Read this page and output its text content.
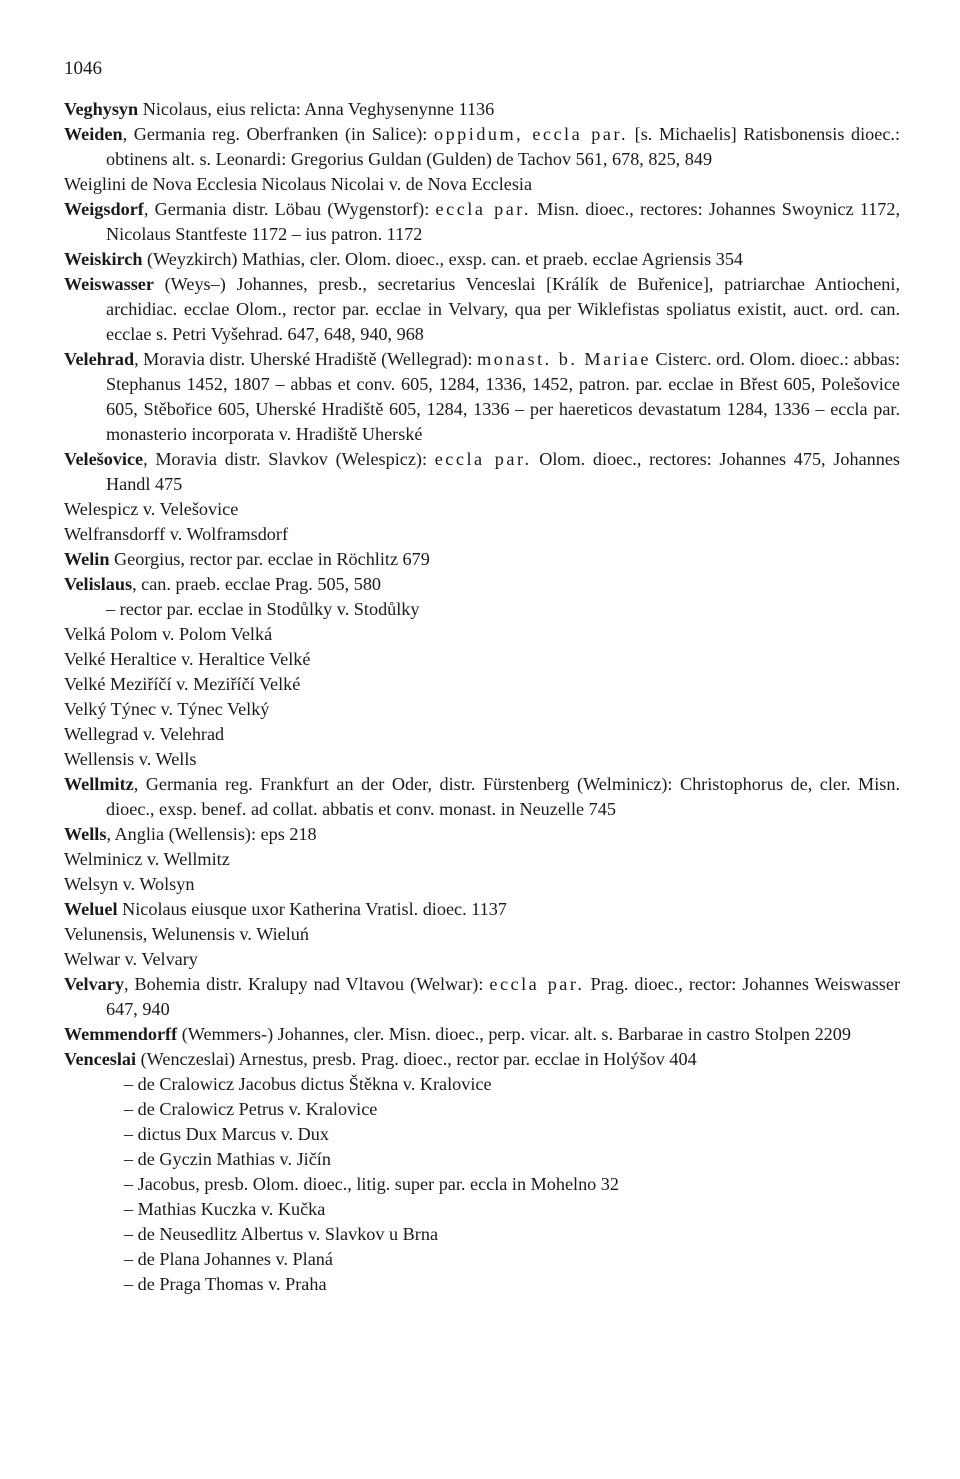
1046
Veghysyn Nicolaus, eius relicta: Anna Veghysenynne 1136
Weiden, Germania reg. Oberfranken (in Salice): oppidum, eccla par. [s. Michaelis] Ratisbonensis dioec.: obtinens alt. s. Leonardi: Gregorius Guldan (Gulden) de Tachov 561, 678, 825, 849
Weiglini de Nova Ecclesia Nicolaus Nicolai v. de Nova Ecclesia
Weigsdorf, Germania distr. Löbau (Wygenstorf): eccla par. Misn. dioec., rectores: Johannes Swoynicz 1172, Nicolaus Stantfeste 1172 – ius patron. 1172
Weiskirch (Weyzkirch) Mathias, cler. Olom. dioec., exsp. can. et praeb. ecclae Agriensis 354
Weiswasser (Weys–) Johannes, presb., secretarius Venceslai [Králík de Buřenice], patriarchae Antiocheni, archidiac. ecclae Olom., rector par. ecclae in Velvary, qua per Wiklefistas spoliatus existit, auct. ord. can. ecclae s. Petri Vyšehrad. 647, 648, 940, 968
Velehrad, Moravia distr. Uherské Hradiště (Wellegrad): monast. b. Mariae Cisterc. ord. Olom. dioec.: abbas: Stephanus 1452, 1807 – abbas et conv. 605, 1284, 1336, 1452, patron. par. ecclae in Břest 605, Polešovice 605, Stěbořice 605, Uherské Hradiště 605, 1284, 1336 – per haereticos devastatum 1284, 1336 – eccla par. monasterio incorporata v. Hradiště Uherské
Velešovice, Moravia distr. Slavkov (Welespicz): eccla par. Olom. dioec., rectores: Johannes 475, Johannes Handl 475
Welespicz v. Velešovice
Welfransdorff v. Wolframsdorf
Welin Georgius, rector par. ecclae in Röchlitz 679
Velislaus, can. praeb. ecclae Prag. 505, 580
– rector par. ecclae in Stodůlky v. Stodůlky
Velká Polom v. Polom Velká
Velké Heraltice v. Heraltice Velké
Velké Meziříčí v. Meziříčí Velké
Velký Týnec v. Týnec Velký
Wellegrad v. Velehrad
Wellensis v. Wells
Wellmitz, Germania reg. Frankfurt an der Oder, distr. Fürstenberg (Welminicz): Christophorus de, cler. Misn. dioec., exsp. benef. ad collat. abbatis et conv. monast. in Neuzelle 745
Wells, Anglia (Wellensis): eps 218
Welminicz v. Wellmitz
Welsyn v. Wolsyn
Weluel Nicolaus eiusque uxor Katherina Vratisl. dioec. 1137
Velunensis, Welunensis v. Wieluń
Welwar v. Velvary
Velvary, Bohemia distr. Kralupy nad Vltavou (Welwar): eccla par. Prag. dioec., rector: Johannes Weiswasser 647, 940
Wemmendorff (Wemmers-) Johannes, cler. Misn. dioec., perp. vicar. alt. s. Barbarae in castro Stolpen 2209
Venceslai (Wenczeslai) Arnestus, presb. Prag. dioec., rector par. ecclae in Holýšov 404
– de Cralowicz Jacobus dictus Štěkna v. Kralovice
– de Cralowicz Petrus v. Kralovice
– dictus Dux Marcus v. Dux
– de Gyczin Mathias v. Jičín
– Jacobus, presb. Olom. dioec., litig. super par. eccla in Mohelno 32
– Mathias Kuczka v. Kučka
– de Neusedlitz Albertus v. Slavkov u Brna
– de Plana Johannes v. Planá
– de Praga Thomas v. Praha
